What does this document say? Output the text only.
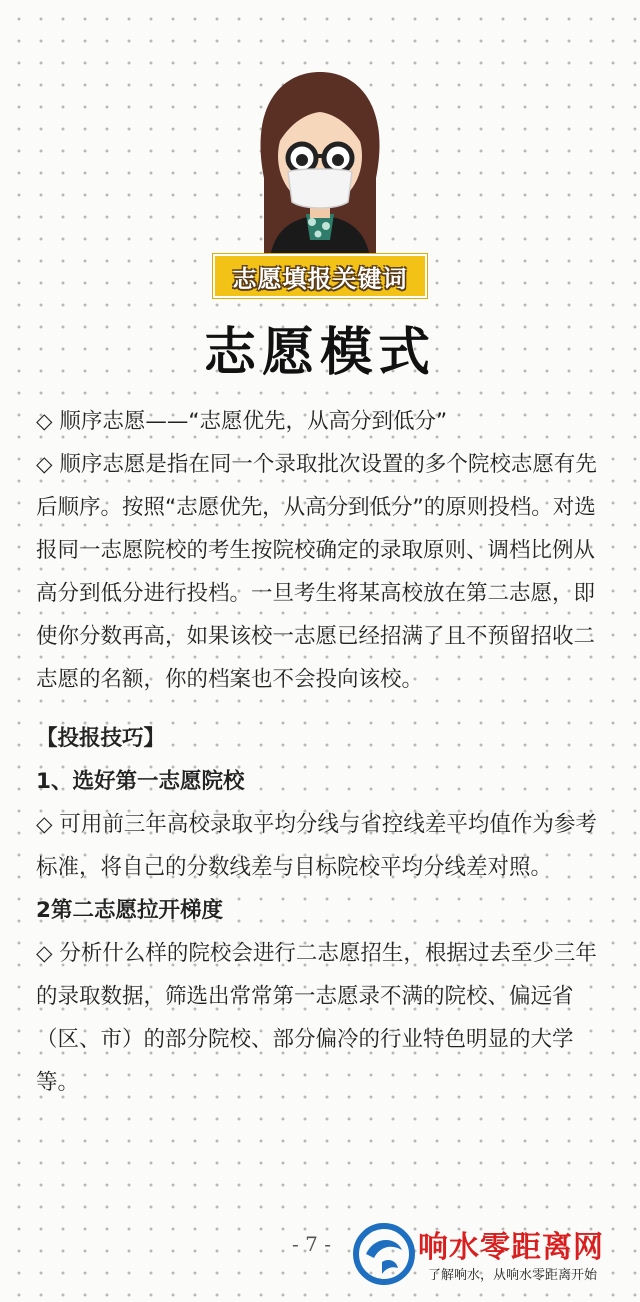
志愿填报关键词
志愿模式

◇ 顺序志愿——“志愿优先，从高分到低分”

◇ 顺序志愿是指在同一个录取批次设置的多个院校志愿有先后顺序。按照“志愿优先，从高分到低分”的原则投档。对选报同一志愿院校的考生按院校确定的录取原则、调档比例从高分到低分进行投档。一旦考生将某高校放在第二志愿，即使你分数再高，如果该校一志愿已经招满了且不预留招收二志愿的名额，你的档案也不会投向该校。

【投报技巧】

1、选好第一志愿院校

◇ 可用前三年高校录取平均分线与省控线差平均值作为参考标准，将自己的分数线差与目标院校平均分线差对照。

2第二志愿拉开梯度

◇ 分析什么样的院校会进行二志愿招生，根据过去至少三年的录取数据，筛选出常常第一志愿录不满的院校、偏远省（区、市）的部分院校、部分偏冷的行业特色明显的大学等。

- 7 -	响水零距离网
了解响水，从响水零距离开始
